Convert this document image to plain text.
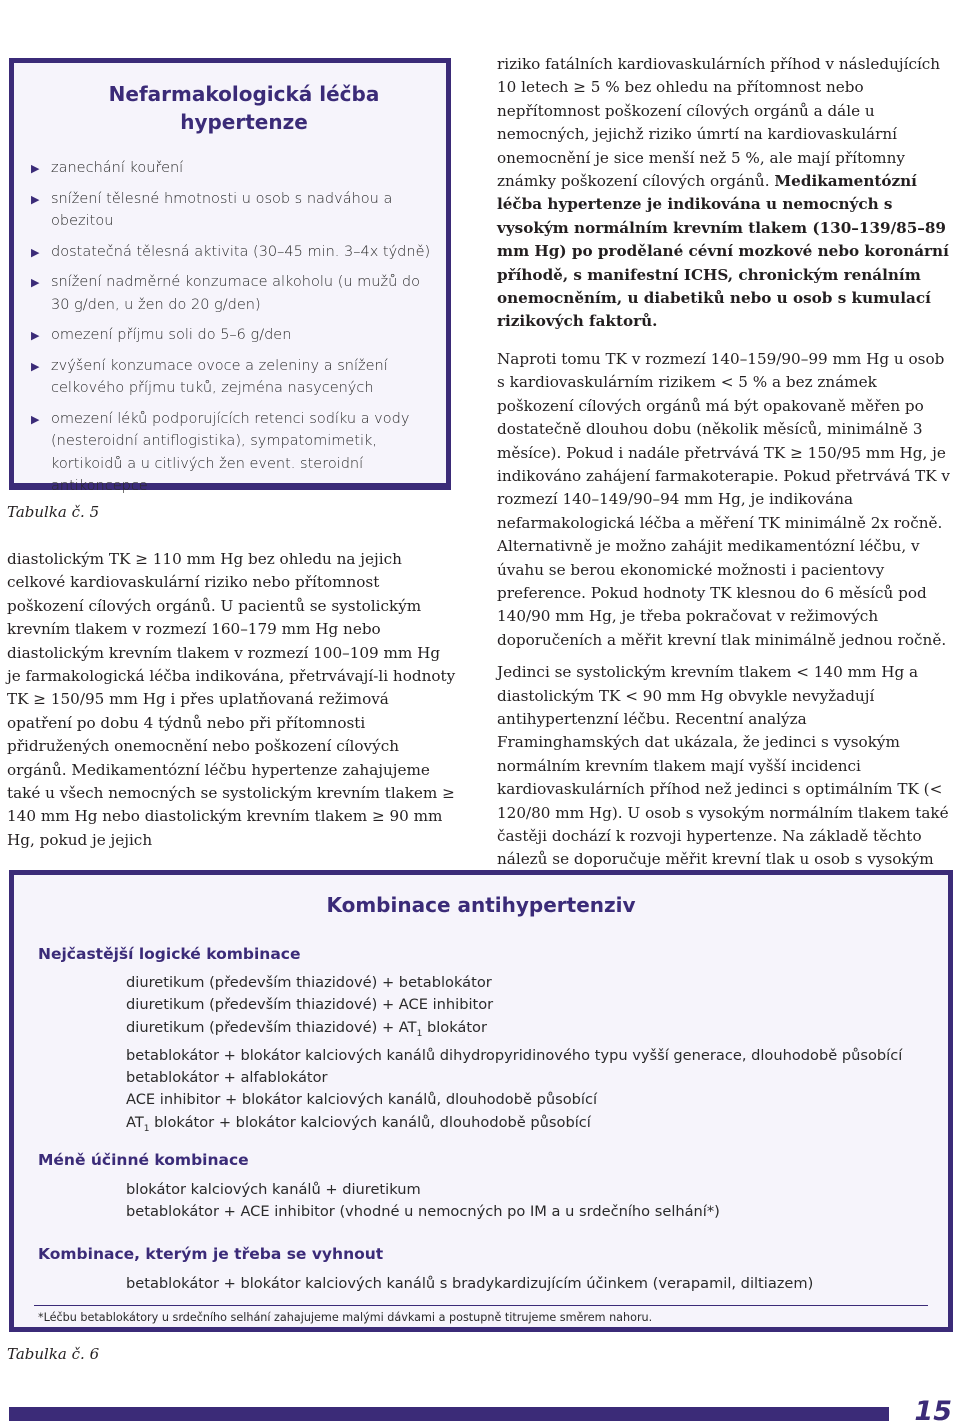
Nefarmakologická léčba hypertenze
▶ zanechání kouření
▶ snížení tělesné hmotnosti u osob s nadváhou a obezitou
▶ dostatečná tělesná aktivita (30–45 min. 3–4x týdně)
▶ snížení nadměrné konzumace alkoholu (u mužů do 30 g/den, u žen do 20 g/den)
▶ omezení příjmu soli do 5–6 g/den
▶ zvýšení konzumace ovoce a zeleniny a snížení celkového příjmu tuků, zejména nasycených
▶ omezení léků podporujících retenci sodíku a vody (nesteroidní antiflogistika), sympatomimetik, kortikoidů a u citlivých žen event. steroidní antikoncepce
Tabulka č. 5

diastolickým TK ≥ 110 mm Hg bez ohledu na jejich celkové kardiovaskulární riziko nebo přítomnost poškození cílových orgánů. U pacientů se systolickým krevním tlakem v rozmezí 160–179 mm Hg nebo diastolickým krevním tlakem v rozmezí 100–109 mm Hg je farmakologická léčba indikována, přetrvávají-li hodnoty TK ≥ 150/95 mm Hg i přes uplatňovaná režimová opatření po dobu 4 týdnů nebo při přítomnosti přidružených onemocnění nebo poškození cílových orgánů. Medikamentózní léčbu hypertenze zahajujeme také u všech nemocných se systolickým krevním tlakem ≥ 140 mm Hg nebo diastolickým krevním tlakem ≥ 90 mm Hg, pokud je jejich

riziko fatálních kardiovaskulárních příhod v následujících 10 letech ≥ 5 % bez ohledu na přítomnost nebo nepřítomnost poškození cílových orgánů a dále u nemocných, jejichž riziko úmrtí na kardiovaskulární onemocnění je sice menší než 5 %, ale mají přítomny známky poškození cílových orgánů. Medikamentózní léčba hypertenze je indikována u nemocných s vysokým normálním krevním tlakem (130–139/85–89 mm Hg) po prodělané cévní mozkové nebo koronární příhodě, s manifestní ICHS, chronickým renálním onemocněním, u diabetiků nebo u osob s kumulací rizikových faktorů.

Naproti tomu TK v rozmezí 140–159/90–99 mm Hg u osob s kardiovaskulárním rizikem < 5 % a bez známek poškození cílových orgánů má být opakovaně měřen po dostatečně dlouhou dobu (několik měsíců, minimálně 3 měsíce). Pokud i nadále přetrvává TK ≥ 150/95 mm Hg, je indikováno zahájení farmakoterapie. Pokud přetrvává TK v rozmezí 140–149/90–94 mm Hg, je indikována nefarmakologická léčba a měření TK minimálně 2x ročně. Alternativně je možno zahájit medikamentózní léčbu, v úvahu se berou ekonomické možnosti i pacientovy preference. Pokud hodnoty TK klesnou do 6 měsíců pod 140/90 mm Hg, je třeba pokračovat v režimových doporučeních a měřit krevní tlak minimálně jednou ročně.

Jedinci se systolickým krevním tlakem < 140 mm Hg a diastolickým TK < 90 mm Hg obvykle nevyžadují antihypertenzní léčbu. Recentní analýza Framinghamských dat ukázala, že jedinci s vysokým normálním krevním tlakem mají vyšší incidenci kardiovaskulárních příhod než jedinci s optimálním TK (< 120/80 mm Hg). U osob s vysokým normálním tlakem také častěji dochází k rozvoji hypertenze. Na základě těchto nálezů se doporučuje měřit krevní tlak u osob s vysokým

Kombinace antihypertenziv
Nejčastější logické kombinace
diuretikum (především thiazidové) + betablokátor
diuretikum (především thiazidové) + ACE inhibitor
diuretikum (především thiazidové) + $AT_1$ blokátor
betablokátor + blokátor kalciových kanálů dihydropyridinového typu vyšší generace, dlouhodobě působící
betablokátor + alfablokátor
ACE inhibitor + blokátor kalciových kanálů, dlouhodobě působící
$AT_1$ blokátor + blokátor kalciových kanálů, dlouhodobě působící
Méně účinné kombinace
blokátor kalciových kanálů + diuretikum
betablokátor + ACE inhibitor (vhodné u nemocných po IM a u srdečního selhání*)
Kombinace, kterým je třeba se vyhnout
betablokátor + blokátor kalciových kanálů s bradykardizujícím účinkem (verapamil, diltiazem)
*Léčbu betablokátory u srdečního selhání zahajujeme malými dávkami a postupně titrujeme směrem nahoru.
Tabulka č. 6
15
